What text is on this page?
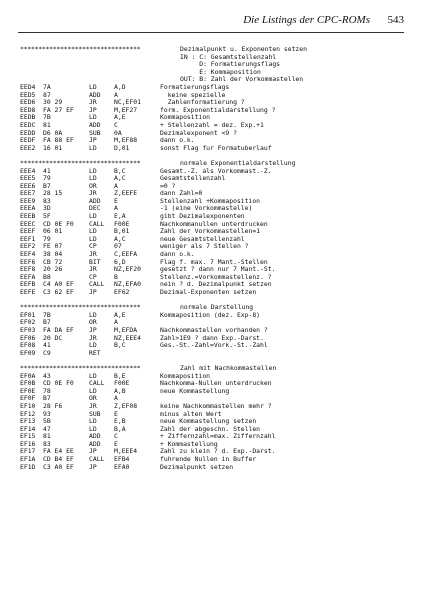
Die Listings der CPC-ROMs 543
*********************************	Dezimalpunkt u. Exponenten setzen
IN : C: Gesamtstellenzahl
D: Formatierungsflags
E: Kommaposition
OUT: B: Zahl der Vorkommastellen
EED4	7A	LD	A,D	Formatierungsflags
EED5	87	ADD	A	keine spezielle
EED6	30 29	JR	NC,EF01	Zahlenformatierung ?
EED8	FA 27 EF	JP	M,EF27	form. Exponentialdarstellung ?
EEDB	7B	LD	A,E	Kommaposition
EEDC	81	ADD	C	+ Stellenzahl = dez. Exp.+1
EEDD	D6 0A	SUB	0A	Dezimalexponent <9 ?
EEDF	FA 88 EF	JP	M,EF88	dann o.k.
EEE2	16 01	LD	D,01	sonst Flag fur Formatuberlauf
*********************************	normale Exponentialdarstellung
EEE4	41	LD	B,C	Gesamt.-Z. als Vorkommast.-Z.
EEE5	79	LD	A,C	Gesamtstellenzahl
EEE6	B7	OR	A	=0 ?
EEE7	28 15	JR	Z,EEFE	dann Zahl=0
EEE9	83	ADD	E	Stellenzahl +Kommaposition
EEEA	3D	DEC	A	-1 (eine Vorkommastelle)
EEEB	5F	LD	E,A	gibt Dezimalexponenten
EEEC	CD 0E F0	CALL	F00E	Nachkommanullen unterdrucken
EEEF	06 01	LD	B,01	Zahl der Vorkommastellen=1
EEF1	79	LD	A,C	neue Gesamtstellenzahl
EEF2	FE 07	CP	07	weniger als 7 Stellen ?
EEF4	38 04	JR	C,EEFA	dann o.k.
EEF6	CB 72	BIT	6,D	Flag f. max. 7 Mant.-Stellen
EEF8	20 26	JR	NZ,EF20	gesetzt ? dann nur 7 Mant.-St.
EEFA	B8	CP	B	Stellenz.=Vorkommastellenz. ?
EEFB	C4 A0 EF	CALL	NZ,EFA0	nein ? d. Dezimalpunkt setzen
EEFE	C3 62 EF	JP	EF62	Dezimal-Exponenten setzen
*********************************	normale Darstellung
EF01	7B	LD	A,E	Kommaposition (dez. Exp-8)
EF02	B7	OR	A
EF03	FA DA EF	JP	M,EFDA	Nachkommastellen vorhanden ?
EF06	20 DC	JR	NZ,EEE4	Zahl>1E9 ? dann Exp.-Darst.
EF08	41	LD	B,C	Ges.-St.-Zahl=Vork.-St.-Zahl
EF09	C9	RET
*********************************	Zahl mit Nachkommastellen
EF0A	43	LD	B,E	Kommaposition
EF0B	CD 0E F0	CALL	F00E	Nachkomma-Nullen unterdrucken
EF0E	78	LD	A,B	neue Kommastellung
EF0F	B7	OR	A
EF10	28 F6	JR	Z,EF08	keine Nachkommastellen mehr ?
EF12	93	SUB	E	minus alten Wert
EF13	5B	LD	E,B	neue Kommastellung setzen
EF14	47	LD	B,A	Zahl der abgeschn. Stellen
EF15	81	ADD	C	+ Ziffernzahl=max. Ziffernzahl
EF16	83	ADD	E	+ Kommastellung
EF17	FA E4 EE	JP	M,EEE4	Zahl zu klein ? d. Exp.-Darst.
EF1A	CD B4 EF	CALL	EFB4	fuhrende Nullen in Buffer
EF1D	C3 A0 EF	JP	EFA0	Dezimalpunkt setzen
